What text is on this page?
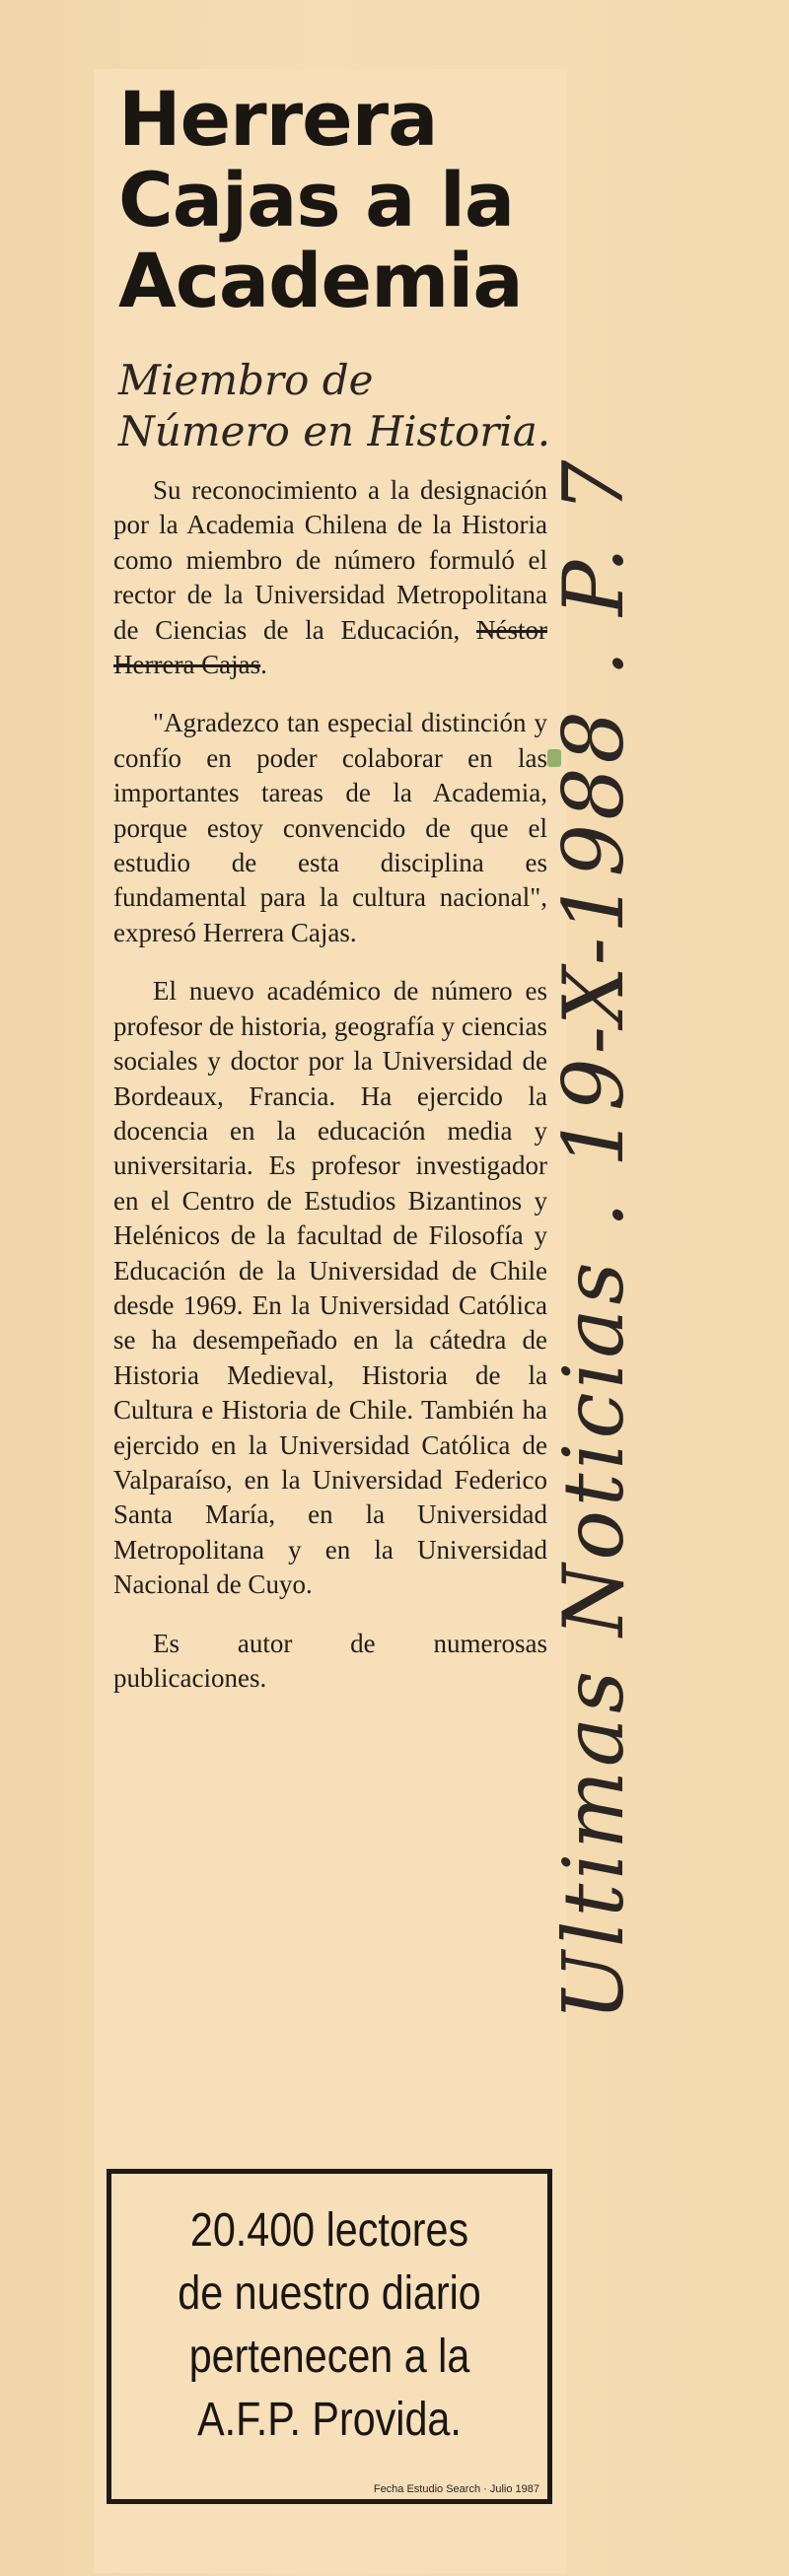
Herrera
Cajas a la
Academia
Miembro de Número en Historia.

Su reconocimiento a la designación por la Academia Chilena de la Historia como miembro de número formuló el rector de la Universidad Metropolitana de Ciencias de la Educación, Néstor Herrera Cajas.

"Agradezco tan especial distinción y confío en poder colaborar en las importantes tareas de la Academia, porque estoy convencido de que el estudio de esta disciplina es fundamental para la cultura nacional", expresó Herrera Cajas.

El nuevo académico de número es profesor de historia, geografía y ciencias sociales y doctor por la Universidad de Bordeaux, Francia. Ha ejercido la docencia en la educación media y universitaria. Es profesor investigador en el Centro de Estudios Bizantinos y Helénicos de la facultad de Filosofía y Educación de la Universidad de Chile desde 1969. En la Universidad Católica se ha desempeñado en la cátedra de Historia Medieval, Historia de la Cultura e Historia de Chile. También ha ejercido en la Universidad Católica de Valparaíso, en la Universidad Federico Santa María, en la Universidad Metropolitana y en la Universidad Nacional de Cuyo.

Es autor de numerosas publicaciones.	Ultimas Noticias . 19-X-1988 . P. 7
20.400 lectores
de nuestro diario
pertenecen a la
A.F.P. Provida.
Fecha Estudio Search · Julio 1987
